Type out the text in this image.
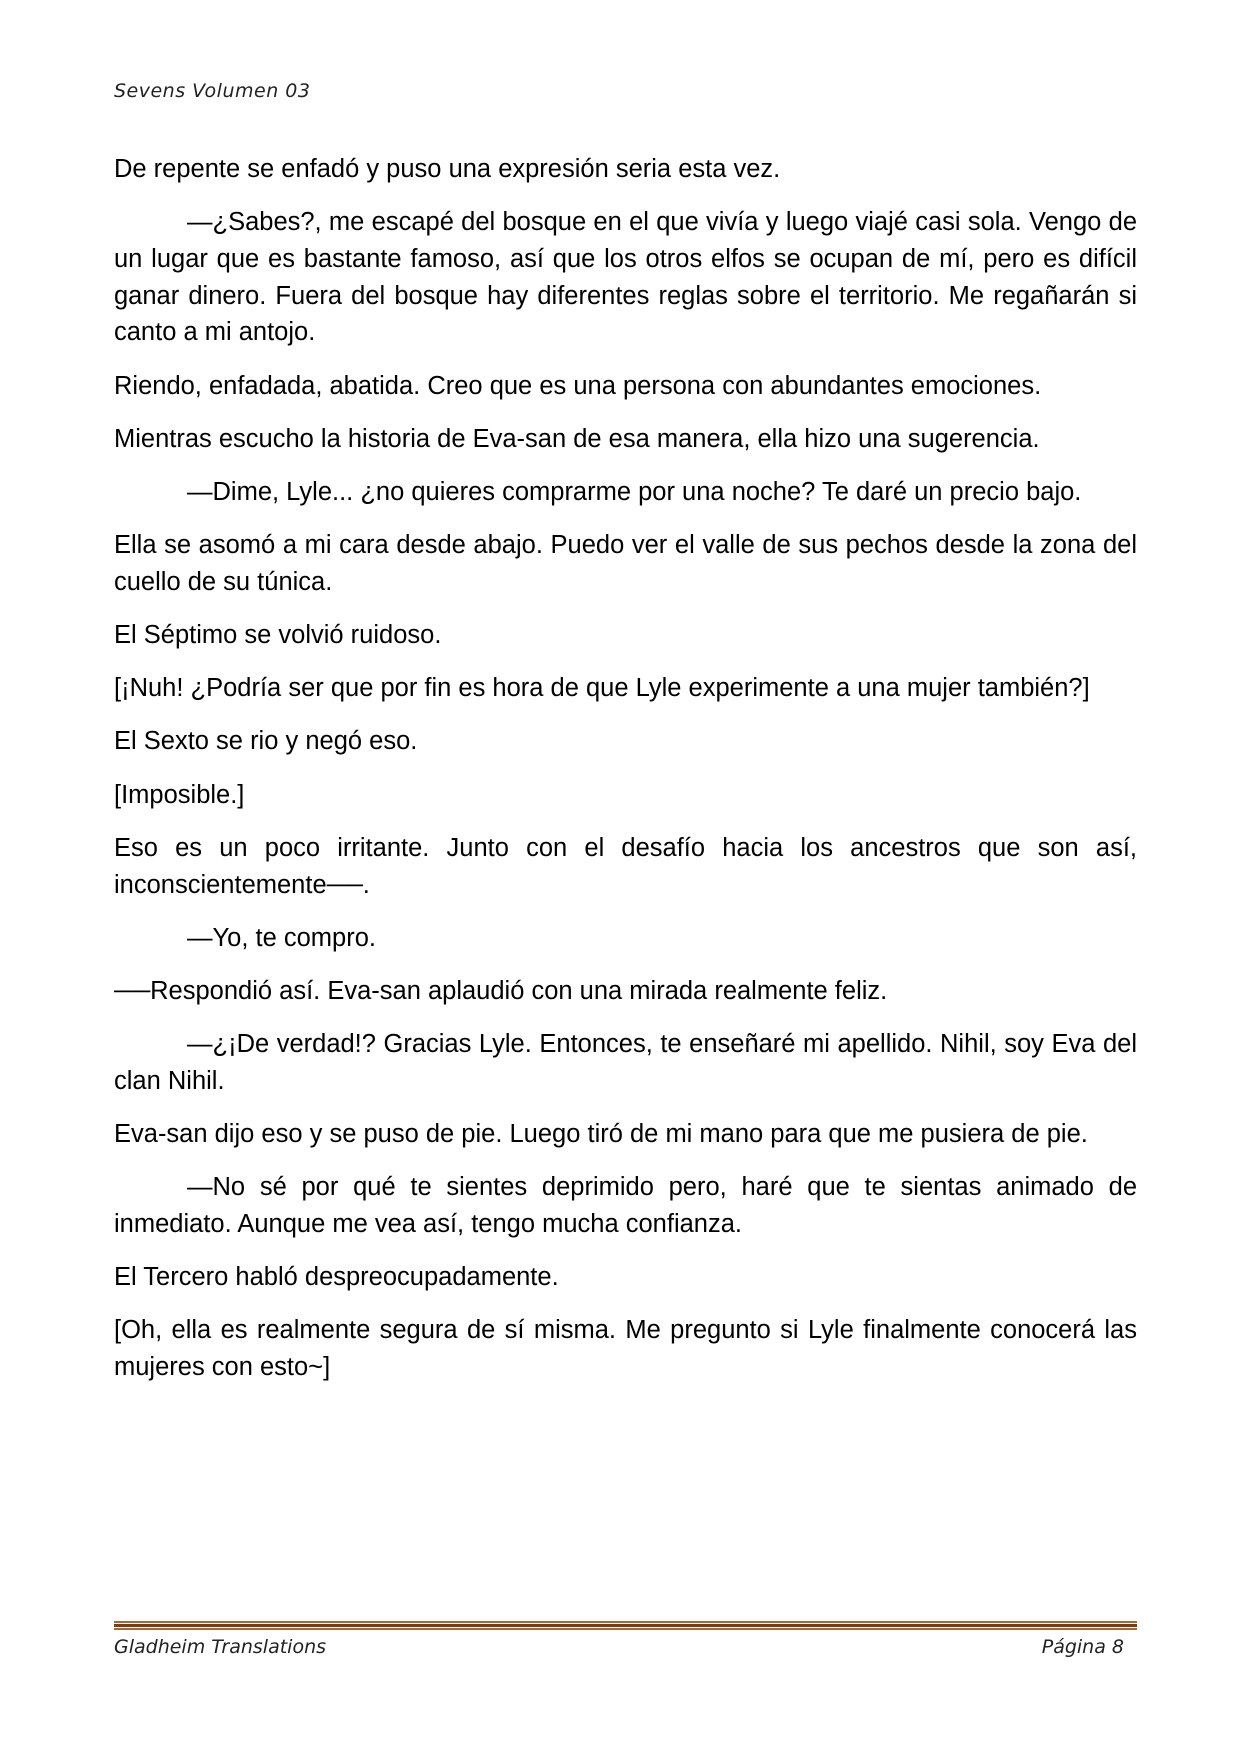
Sevens Volumen 03

De repente se enfadó y puso una expresión seria esta vez.

—¿Sabes?, me escapé del bosque en el que vivía y luego viajé casi sola. Vengo de un lugar que es bastante famoso, así que los otros elfos se ocupan de mí, pero es difícil ganar dinero. Fuera del bosque hay diferentes reglas sobre el territorio. Me regañarán si canto a mi antojo.

Riendo, enfadada, abatida. Creo que es una persona con abundantes emociones.

Mientras escucho la historia de Eva-san de esa manera, ella hizo una sugerencia.

—Dime, Lyle... ¿no quieres comprarme por una noche? Te daré un precio bajo.

Ella se asomó a mi cara desde abajo. Puedo ver el valle de sus pechos desde la zona del cuello de su túnica.

El Séptimo se volvió ruidoso.

[¡Nuh! ¿Podría ser que por fin es hora de que Lyle experimente a una mujer también?]

El Sexto se rio y negó eso.

[Imposible.]

Eso es un poco irritante. Junto con el desafío hacia los ancestros que son así, inconscientemente──.

—Yo, te compro.

──Respondió así. Eva-san aplaudió con una mirada realmente feliz.

—¿¡De verdad!? Gracias Lyle. Entonces, te enseñaré mi apellido. Nihil, soy Eva del clan Nihil.

Eva-san dijo eso y se puso de pie. Luego tiró de mi mano para que me pusiera de pie.

—No sé por qué te sientes deprimido pero, haré que te sientas animado de inmediato. Aunque me vea así, tengo mucha confianza.

El Tercero habló despreocupadamente.

[Oh, ella es realmente segura de sí misma. Me pregunto si Lyle finalmente conocerá las mujeres con esto~]

Gladheim Translations	Página 8
